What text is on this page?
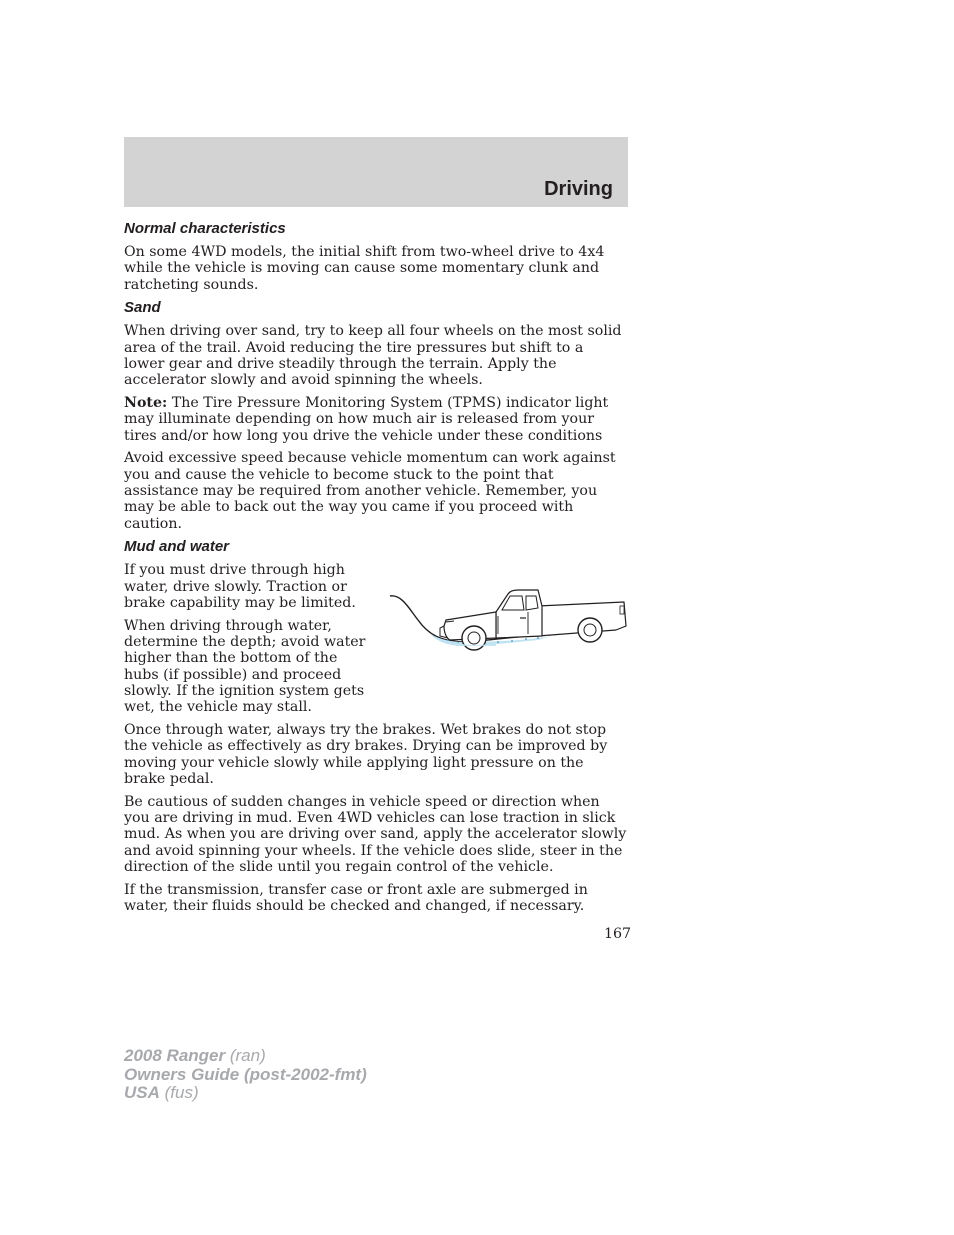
Driving
Normal characteristics

On some 4WD models, the initial shift from two-wheel drive to 4x4 while the vehicle is moving can cause some momentary clunk and ratcheting sounds.

Sand

When driving over sand, try to keep all four wheels on the most solid area of the trail. Avoid reducing the tire pressures but shift to a lower gear and drive steadily through the terrain. Apply the accelerator slowly and avoid spinning the wheels.

Note: The Tire Pressure Monitoring System (TPMS) indicator light may illuminate depending on how much air is released from your tires and/or how long you drive the vehicle under these conditions

Avoid excessive speed because vehicle momentum can work against you and cause the vehicle to become stuck to the point that assistance may be required from another vehicle. Remember, you may be able to back out the way you came if you proceed with caution.

Mud and water

If you must drive through high water, drive slowly. Traction or brake capability may be limited.

When driving through water, determine the depth; avoid water higher than the bottom of the hubs (if possible) and proceed slowly. If the ignition system gets wet, the vehicle may stall.

Once through water, always try the brakes. Wet brakes do not stop the vehicle as effectively as dry brakes. Drying can be improved by moving your vehicle slowly while applying light pressure on the brake pedal.

Be cautious of sudden changes in vehicle speed or direction when you are driving in mud. Even 4WD vehicles can lose traction in slick mud. As when you are driving over sand, apply the accelerator slowly and avoid spinning your wheels. If the vehicle does slide, steer in the direction of the slide until you regain control of the vehicle.

If the transmission, transfer case or front axle are submerged in water, their fluids should be checked and changed, if necessary.

167
2008 Ranger (ran)
Owners Guide (post-2002-fmt)
USA (fus)
